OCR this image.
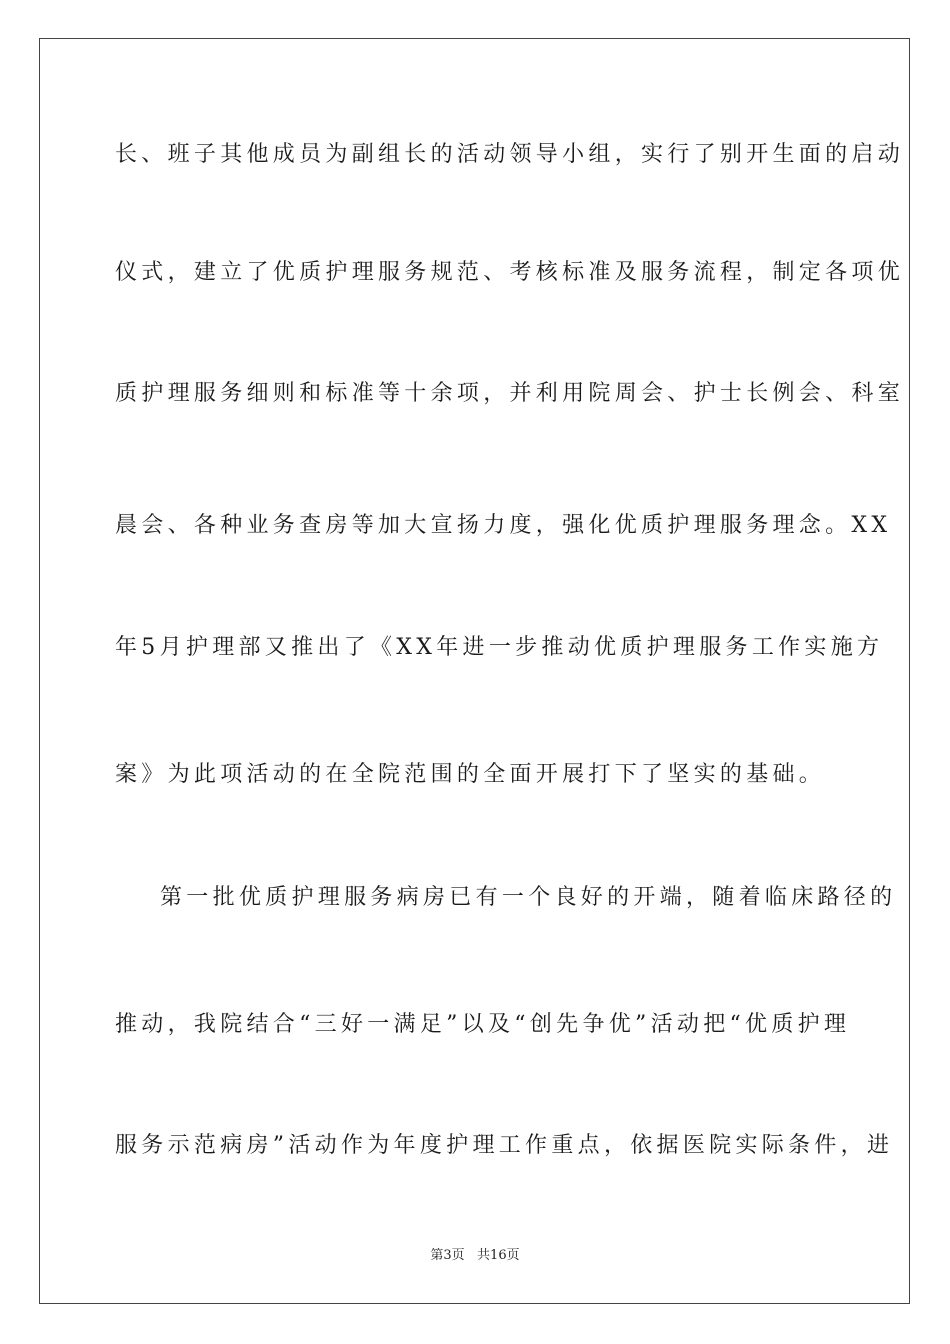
长、班子其他成员为副组长的活动领导小组，实行了别开生面的启动
仪式，建立了优质护理服务规范、考核标准及服务流程，制定各项优
质护理服务细则和标准等十余项，并利用院周会、护士长例会、科室
晨会、各种业务查房等加大宣扬力度，强化优质护理服务理念。XX
年5月护理部又推出了《XX年进一步推动优质护理服务工作实施方
案》为此项活动的在全院范围的全面开展打下了坚实的基础。
第一批优质护理服务病房已有一个良好的开端，随着临床路径的
推动，我院结合“三好一满足”以及“创先争优”活动把“优质护理
服务示范病房”活动作为年度护理工作重点，依据医院实际条件，进
第3页   共16页
